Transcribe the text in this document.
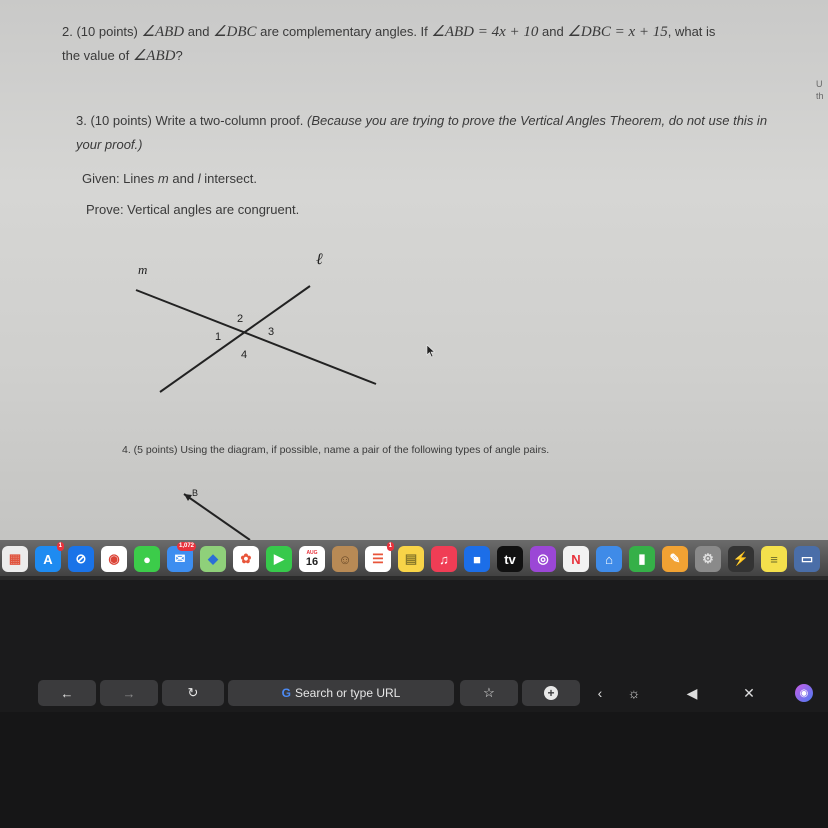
2. (10 points) ∠ABD and ∠DBC are complementary angles. If ∠ABD = 4x + 10 and ∠DBC = x + 15, what is
the value of ∠ABD?
U
th
3. (10 points) Write a two-column proof. (Because you are trying to prove the Vertical Angles Theorem, do not use this in your proof.)
Given: Lines m and l intersect.
Prove: Vertical angles are congruent.
m
ℓ
1
2
3
4
4. (5 points) Using the diagram, if possible, name a pair of the following types of angle pairs.
B
▦ A
1
⊘ ◉ ● ✉
1,072
◆ ✿ ▶	AUG
16 ☺ ☰
1
▤ ♫ ■ tv ◎ N ⌂ ▮ ✎ ⚙ ⚡ ≡ ▭
←	→	↻	G Search or type URL	☆	+	‹ ☼	◀	✕	◉
